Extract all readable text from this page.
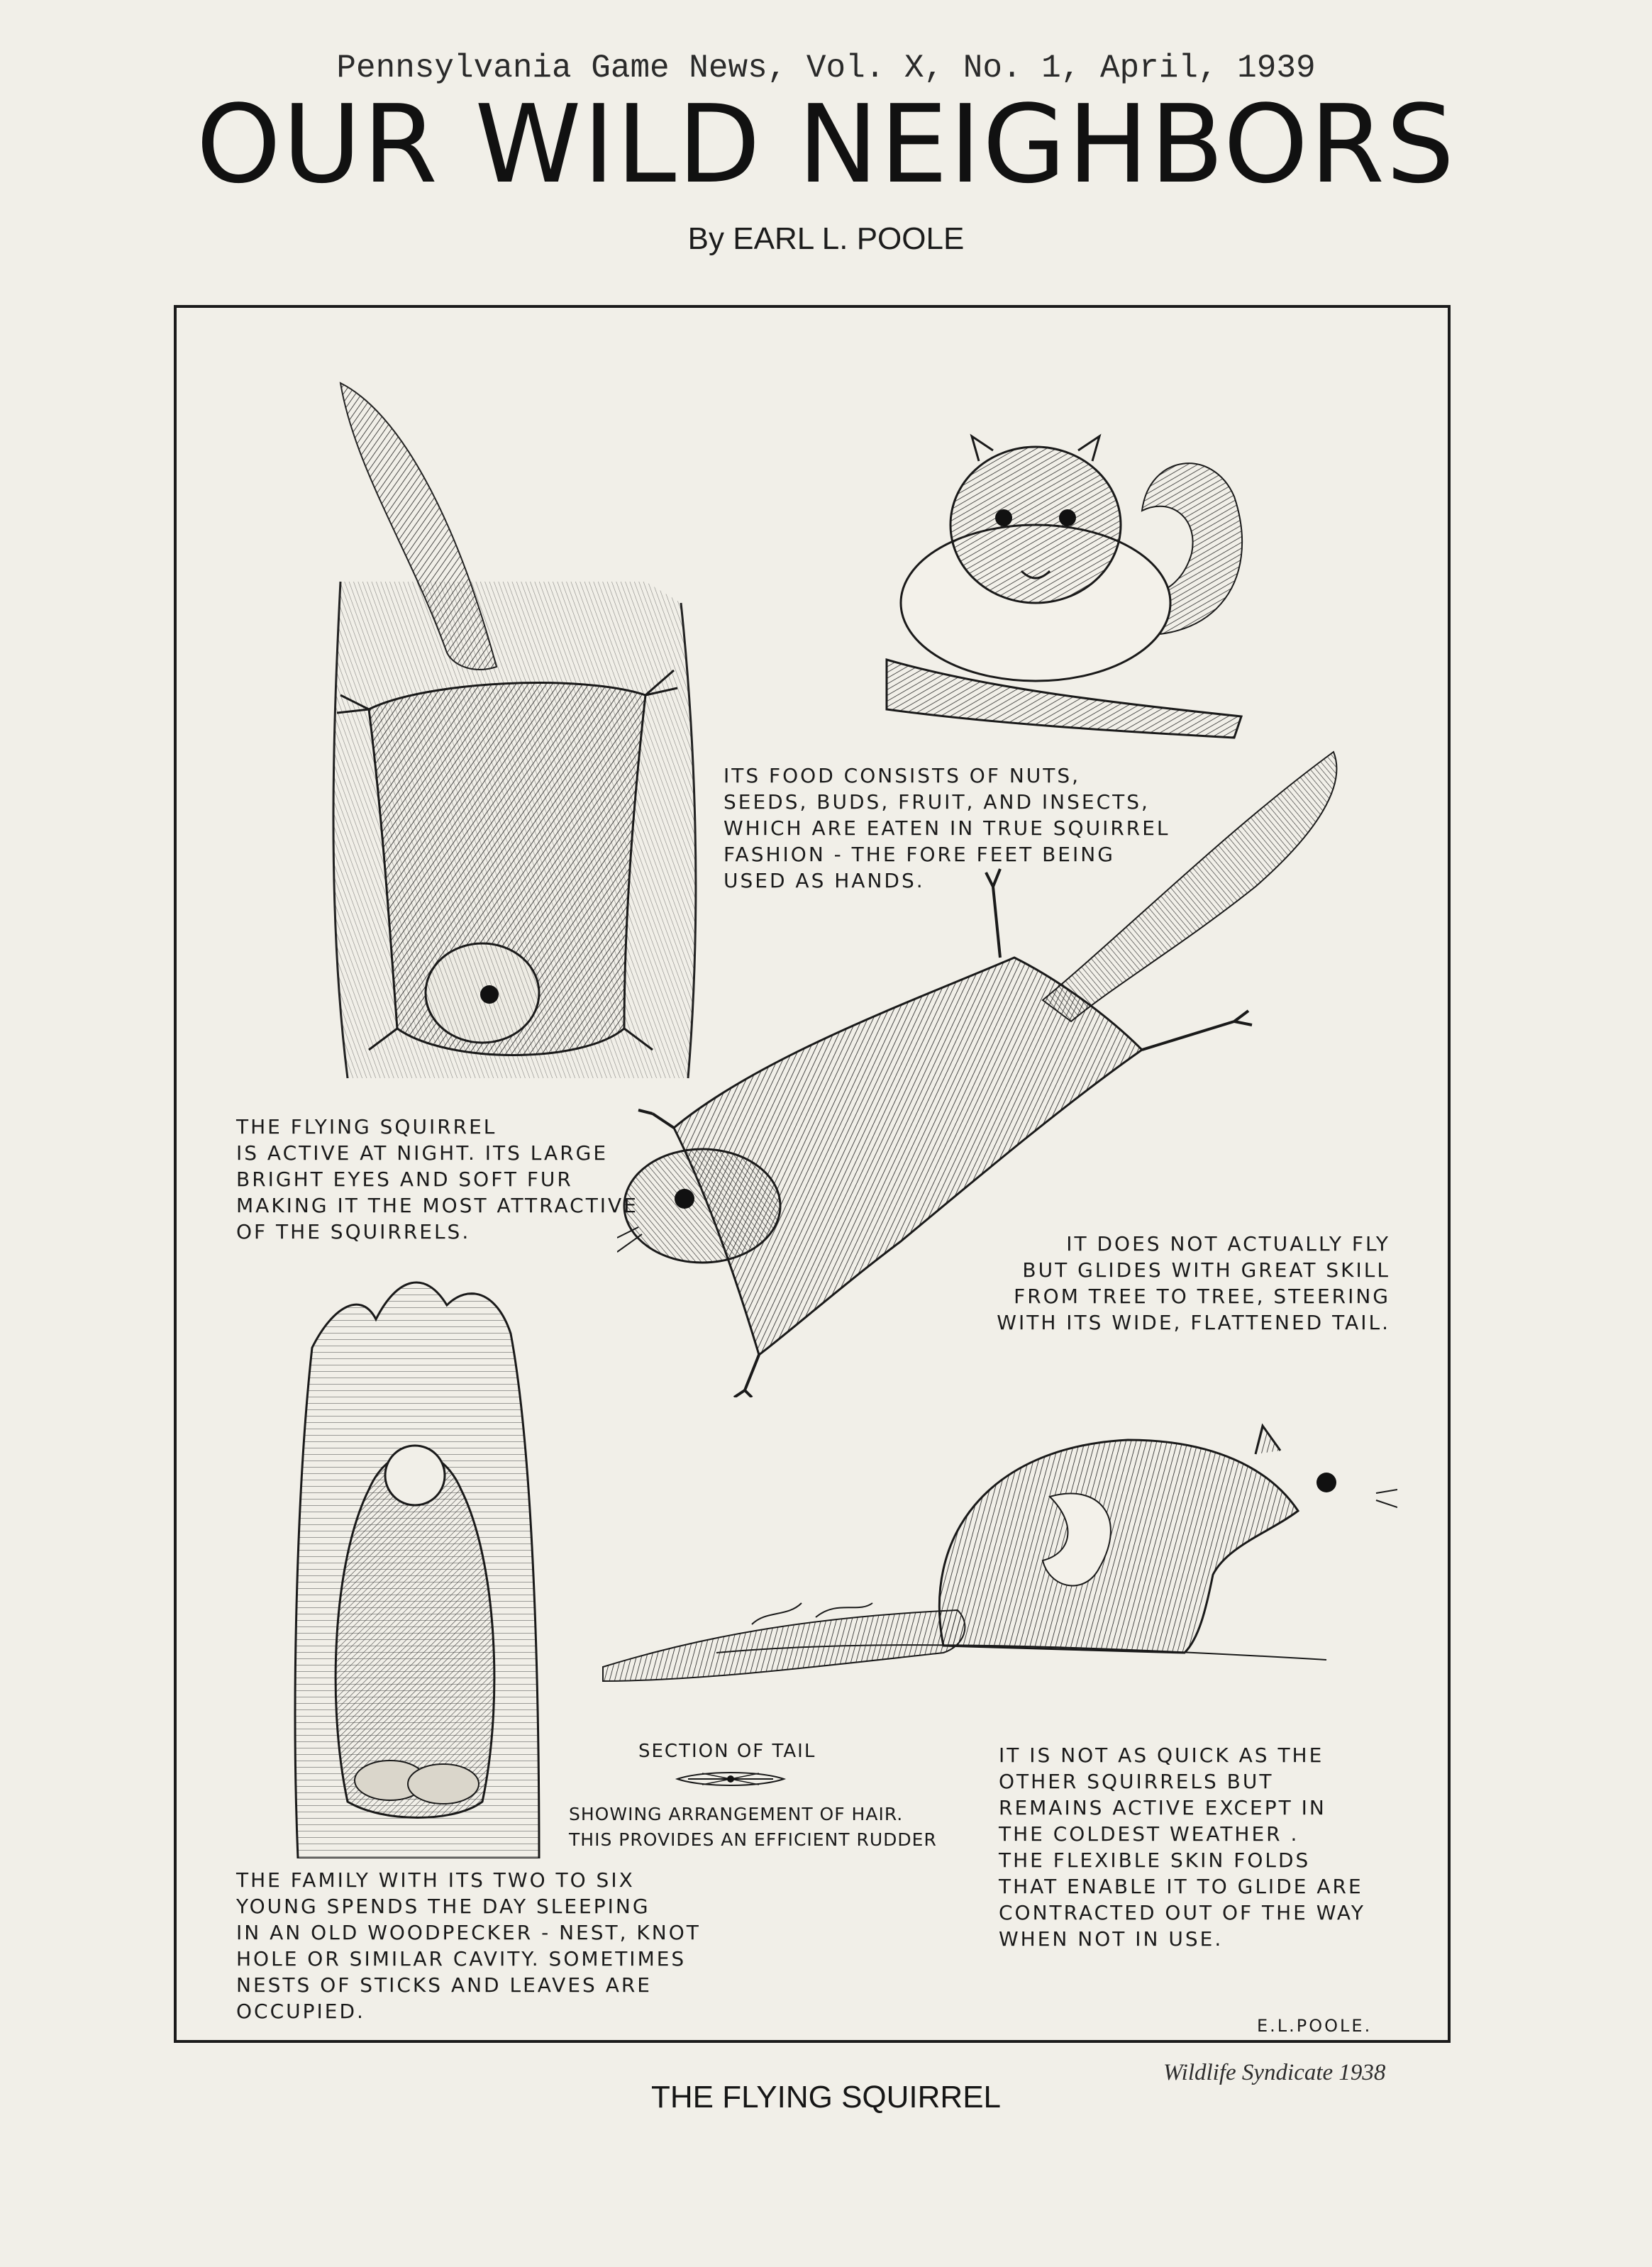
Pennsylvania Game News, Vol. X, No. 1, April, 1939
OUR WILD NEIGHBORS
By EARL L. POOLE
ITS FOOD CONSISTS OF NUTS,
SEEDS, BUDS, FRUIT, AND INSECTS,
WHICH ARE EATEN IN TRUE SQUIRREL
FASHION - THE FORE FEET BEING
USED AS HANDS.
THE FLYING SQUIRREL
IS ACTIVE AT NIGHT. ITS LARGE
BRIGHT EYES AND SOFT FUR
MAKING IT THE MOST ATTRACTIVE
OF THE SQUIRRELS.
IT DOES NOT ACTUALLY FLY
BUT GLIDES WITH GREAT SKILL
FROM TREE TO TREE, STEERING
WITH ITS WIDE, FLATTENED TAIL.
SECTION OF TAIL
SHOWING ARRANGEMENT OF HAIR.
THIS PROVIDES AN EFFICIENT RUDDER
THE FAMILY WITH ITS TWO TO SIX
YOUNG SPENDS THE DAY SLEEPING
IN AN OLD WOODPECKER - NEST, KNOT
HOLE OR SIMILAR CAVITY. SOMETIMES
NESTS OF STICKS AND LEAVES ARE
OCCUPIED.
IT IS NOT AS QUICK AS THE
OTHER SQUIRRELS BUT
REMAINS ACTIVE EXCEPT IN
THE COLDEST WEATHER .
THE FLEXIBLE SKIN FOLDS
THAT ENABLE IT TO GLIDE ARE
CONTRACTED OUT OF THE WAY
WHEN NOT IN USE.
E.L.POOLE.
Wildlife Syndicate 1938
THE FLYING SQUIRREL
